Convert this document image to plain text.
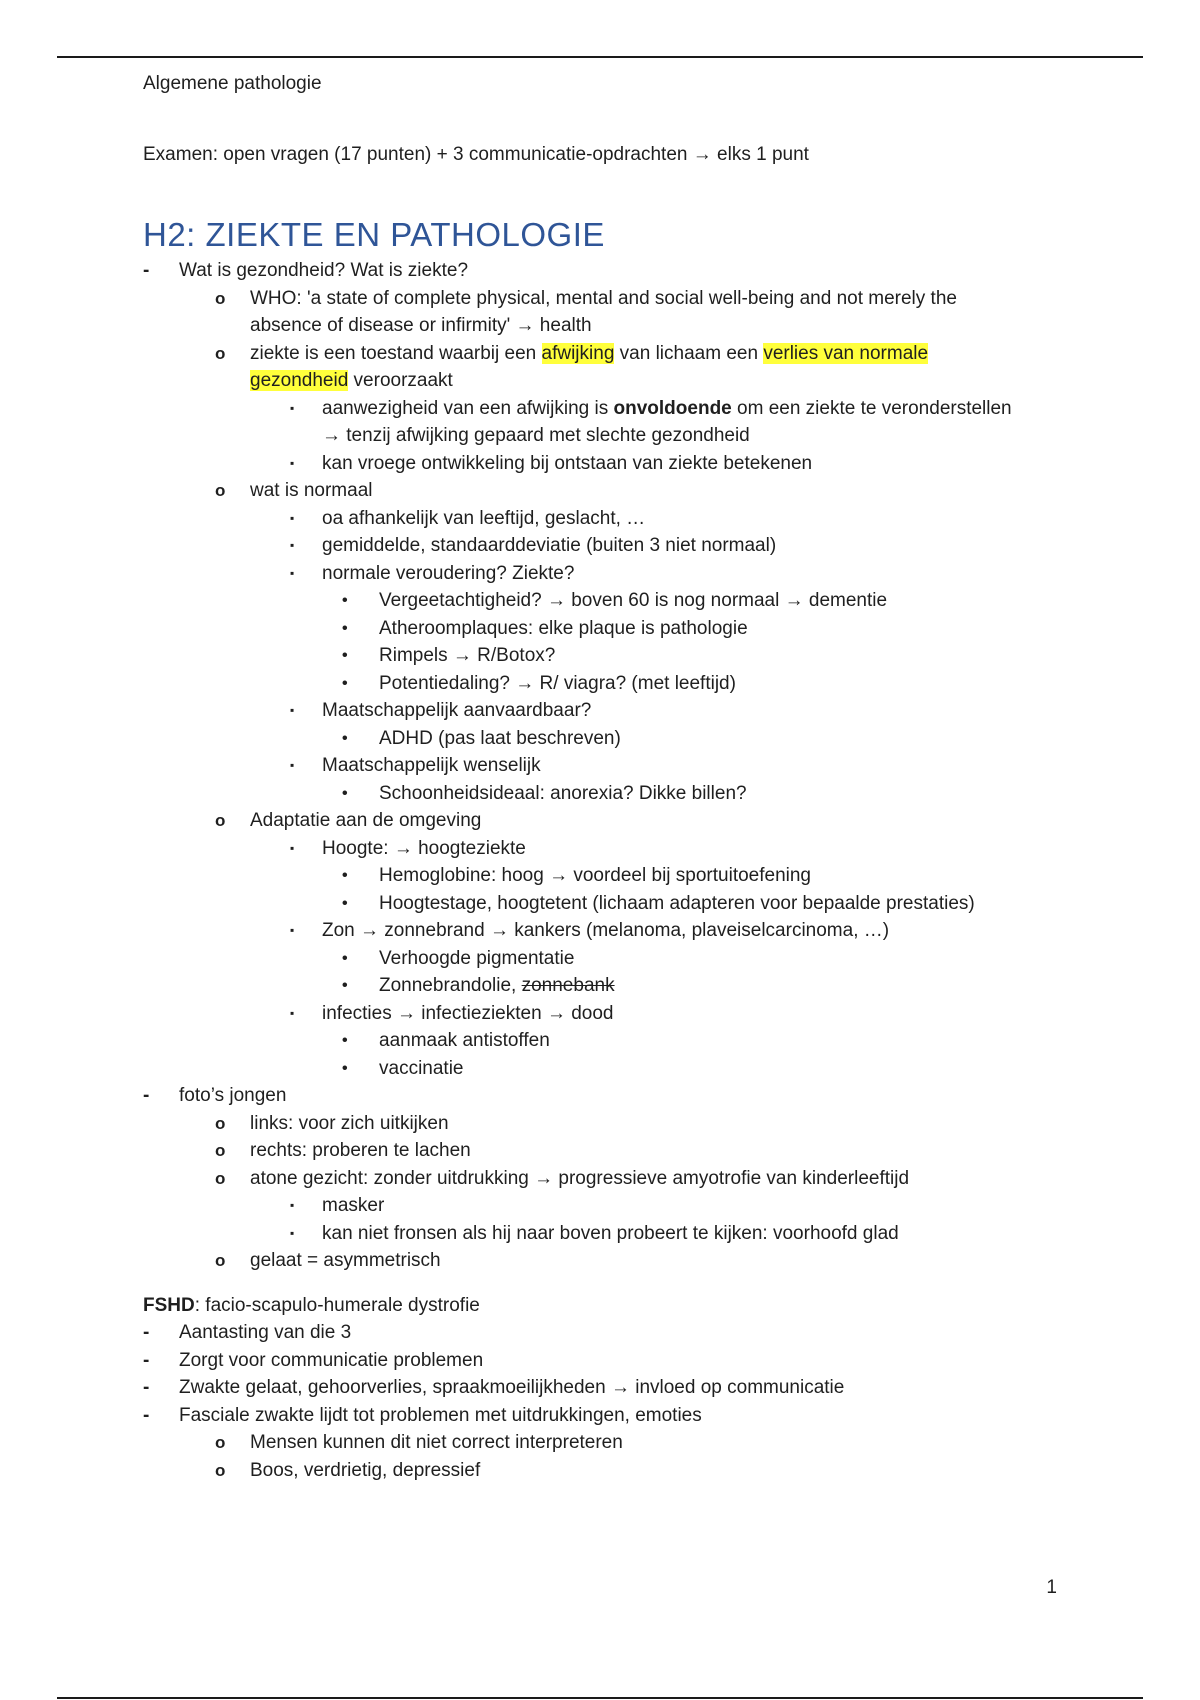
Algemene pathologie
Examen: open vragen (17 punten) + 3 communicatie-opdrachten → elks 1 punt
H2: ZIEKTE EN PATHOLOGIE
- Wat is gezondheid? Wat is ziekte?
o WHO: 'a state of complete physical, mental and social well-being and not merely the
absence of disease or infirmity' → health
o ziekte is een toestand waarbij een afwijking van lichaam een verlies van normale
gezondheid veroorzaakt
▪ aanwezigheid van een afwijking is onvoldoende om een ziekte te veronderstellen
→ tenzij afwijking gepaard met slechte gezondheid
▪ kan vroege ontwikkeling bij ontstaan van ziekte betekenen
o wat is normaal
▪ oa afhankelijk van leeftijd, geslacht, …
▪ gemiddelde, standaarddeviatie (buiten 3 niet normaal)
▪ normale veroudering? Ziekte?
• Vergeetachtigheid? → boven 60 is nog normaal → dementie
• Atheroomplaques: elke plaque is pathologie
• Rimpels → R/Botox?
• Potentiedaling? → R/ viagra? (met leeftijd)
▪ Maatschappelijk aanvaardbaar?
• ADHD (pas laat beschreven)
▪ Maatschappelijk wenselijk
• Schoonheidsideaal: anorexia? Dikke billen?
o Adaptatie aan de omgeving
▪ Hoogte: → hoogteziekte
• Hemoglobine: hoog → voordeel bij sportuitoefening
• Hoogtestage, hoogtetent (lichaam adapteren voor bepaalde prestaties)
▪ Zon → zonnebrand → kankers (melanoma, plaveiselcarcinoma, …)
• Verhoogde pigmentatie
• Zonnebrandolie, zonnebank
▪ infecties → infectieziekten → dood
• aanmaak antistoffen
• vaccinatie
- foto’s jongen
o links: voor zich uitkijken
o rechts: proberen te lachen
o atone gezicht: zonder uitdrukking → progressieve amyotrofie van kinderleeftijd
▪ masker
▪ kan niet fronsen als hij naar boven probeert te kijken: voorhoofd glad
o gelaat = asymmetrisch
FSHD: facio-scapulo-humerale dystrofie
- Aantasting van die 3
- Zorgt voor communicatie problemen
- Zwakte gelaat, gehoorverlies, spraakmoeilijkheden → invloed op communicatie
- Fasciale zwakte lijdt tot problemen met uitdrukkingen, emoties
o Mensen kunnen dit niet correct interpreteren
o Boos, verdrietig, depressief
1
